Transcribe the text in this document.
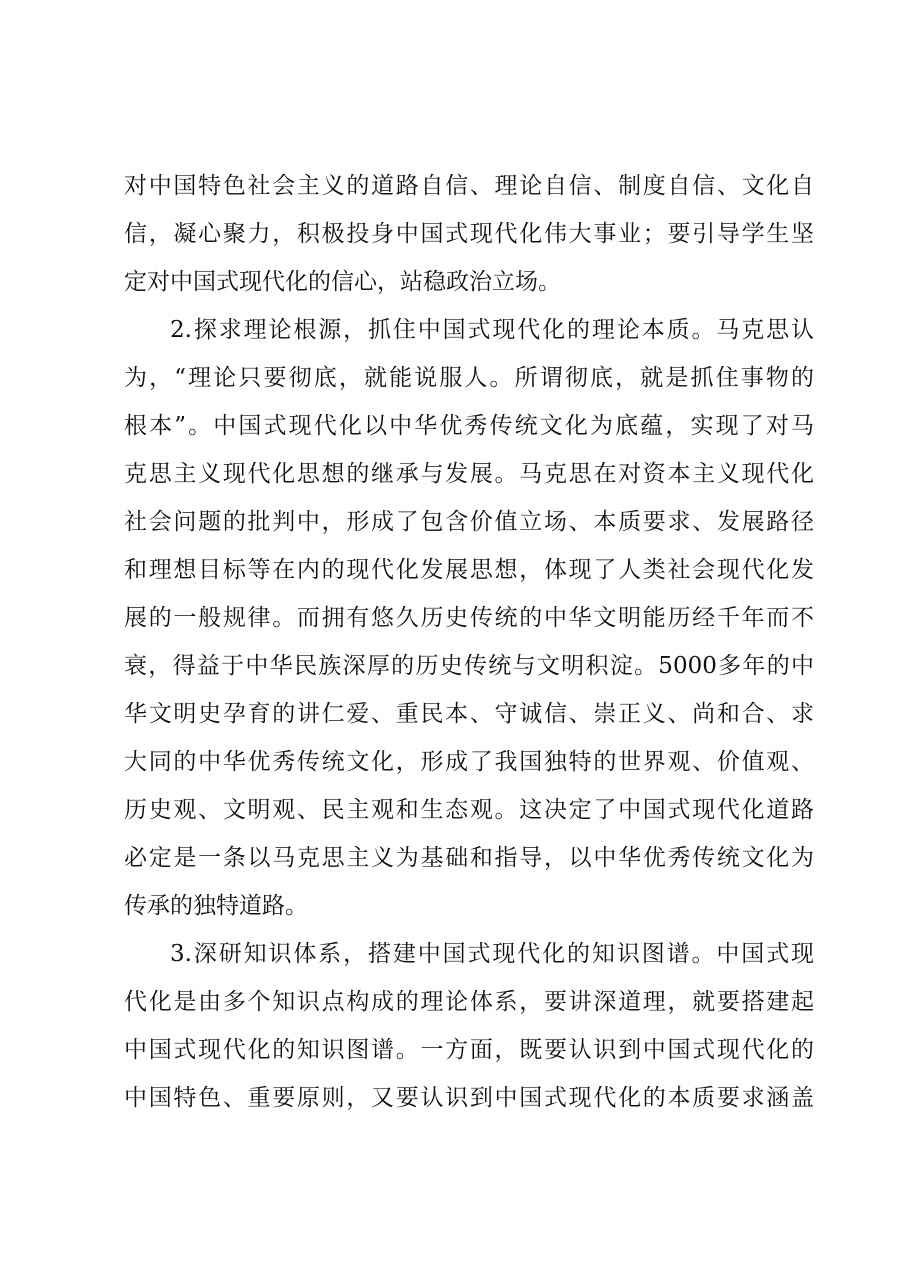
对中国特色社会主义的道路自信、理论自信、制度自信、文化自
信，凝心聚力，积极投身中国式现代化伟大事业；要引导学生坚
定对中国式现代化的信心，站稳政治立场。

2.探求理论根源，抓住中国式现代化的理论本质。马克思认
为，“理论只要彻底，就能说服人。所谓彻底，就是抓住事物的
根本”。中国式现代化以中华优秀传统文化为底蕴，实现了对马
克思主义现代化思想的继承与发展。马克思在对资本主义现代化
社会问题的批判中，形成了包含价值立场、本质要求、发展路径
和理想目标等在内的现代化发展思想，体现了人类社会现代化发
展的一般规律。而拥有悠久历史传统的中华文明能历经千年而不
衰，得益于中华民族深厚的历史传统与文明积淀。5000多年的中
华文明史孕育的讲仁爱、重民本、守诚信、崇正义、尚和合、求
大同的中华优秀传统文化，形成了我国独特的世界观、价值观、
历史观、文明观、民主观和生态观。这决定了中国式现代化道路
必定是一条以马克思主义为基础和指导，以中华优秀传统文化为
传承的独特道路。

3.深研知识体系，搭建中国式现代化的知识图谱。中国式现
代化是由多个知识点构成的理论体系，要讲深道理，就要搭建起
中国式现代化的知识图谱。一方面，既要认识到中国式现代化的
中国特色、重要原则，又要认识到中国式现代化的本质要求涵盖
